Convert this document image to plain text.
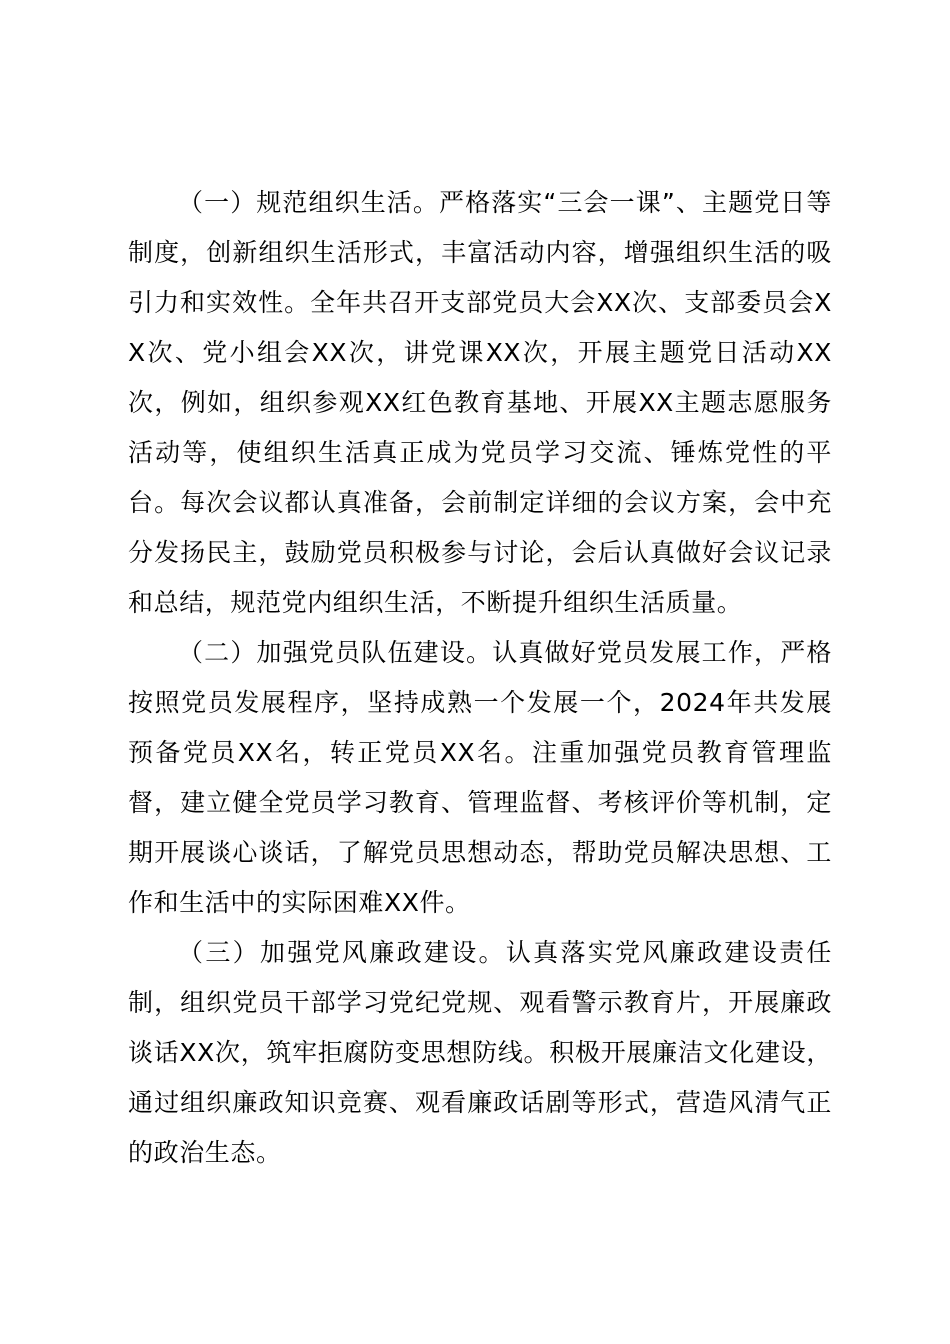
（一）规范组织生活。严格落实“三会一课”、主题党日等制度，创新组织生活形式，丰富活动内容，增强组织生活的吸引力和实效性。全年共召开支部党员大会XX次、支部委员会XX次、党小组会XX次，讲党课XX次，开展主题党日活动XX次，例如，组织参观XX红色教育基地、开展XX主题志愿服务活动等，使组织生活真正成为党员学习交流、锤炼党性的平台。每次会议都认真准备，会前制定详细的会议方案，会中充分发扬民主，鼓励党员积极参与讨论，会后认真做好会议记录和总结，规范党内组织生活，不断提升组织生活质量。

（二）加强党员队伍建设。认真做好党员发展工作，严格按照党员发展程序，坚持成熟一个发展一个，2024年共发展预备党员XX名，转正党员XX名。注重加强党员教育管理监督，建立健全党员学习教育、管理监督、考核评价等机制，定期开展谈心谈话，了解党员思想动态，帮助党员解决思想、工作和生活中的实际困难XX件。

（三）加强党风廉政建设。认真落实党风廉政建设责任制，组织党员干部学习党纪党规、观看警示教育片，开展廉政谈话XX次，筑牢拒腐防变思想防线。积极开展廉洁文化建设，通过组织廉政知识竞赛、观看廉政话剧等形式，营造风清气正的政治生态。
